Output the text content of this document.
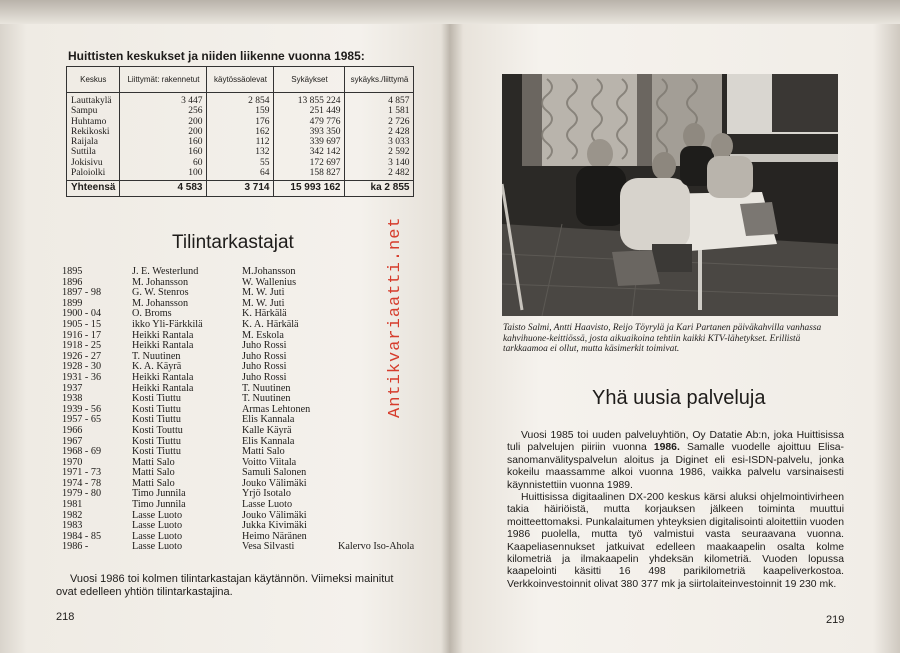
Huittisten keskukset ja niiden liikenne vuonna 1985:
Keskus	Liittymät: rakennetut	käytössäolevat	Sykäykset	sykäyks./liittymä
Lauttakylä	3 447	2 854	13 855 224	4 857
Sampu	256	159	251 449	1 581
Huhtamo	200	176	479 776	2 726
Rekikoski	200	162	393 350	2 428
Raijala	160	112	339 697	3 033
Suttila	160	132	342 142	2 592
Jokisivu	60	55	172 697	3 140
Paloiolki	100	64	158 827	2 482
Yhteensä	4 583	3 714	15 993 162	ka 2 855
Tilintarkastajat
1895	J. E. Westerlund	M.Johansson
1896	M. Johansson	W. Wallenius
1897 - 98	G. W. Stenros	M. W. Juti
1899	M. Johansson	M. W. Juti
1900 - 04	O. Broms	K. Härkälä
1905 - 15	ikko Yli-Färkkilä	K. A. Härkälä
1916 - 17	Heikki Rantala	M. Eskola
1918 - 25	Heikki Rantala	Juho Rossi
1926 - 27	T. Nuutinen	Juho Rossi
1928 - 30	K. A. Käyrä	Juho Rossi
1931 - 36	Heikki Rantala	Juho Rossi
1937	Heikki Rantala	T. Nuutinen
1938	Kosti Tiuttu	T. Nuutinen
1939 - 56	Kosti Tiuttu	Armas Lehtonen
1957 - 65	Kosti Tiuttu	Elis Kannala
1966	Kosti Touttu	Kalle Käyrä
1967	Kosti Tiuttu	Elis Kannala
1968 - 69	Kosti Tiuttu	Matti Salo
1970	Matti Salo	Voitto Viitala
1971 - 73	Matti Salo	Samuli Salonen
1974 - 78	Matti Salo	Jouko Välimäki
1979 - 80	Timo Junnila	Yrjö Isotalo
1981	Timo Junnila	Lasse Luoto
1982	Lasse Luoto	Jouko Välimäki
1983	Lasse Luoto	Jukka Kivimäki
1984 - 85	Lasse Luoto	Heimo Näränen
1986 -	Lasse Luoto	Vesa Silvasti	Kalervo Iso-Ahola
Vuosi 1986 toi kolmen tilintarkastajan käytännön. Viimeksi mainitut ovat edelleen yhtiön tilintarkastajina.
218
Antikvariaatti.net	Taisto Salmi, Antti Haavisto, Reijo Töyrylä ja Kari Partanen päiväkahvilla vanhassa kahvihuone-keittiössä, josta aikuaikoina tehtiin kaikki KTV-lähetykset. Erillistä tarkkaamoa ei ollut, mutta käsimerkit toimivat.
Yhä uusia palveluja

Vuosi 1985 toi uuden palveluyhtiön, Oy Datatie Ab:n, joka Huittisissa tuli palvelujen piiriin vuonna 1986. Samalle vuodelle ajoittuu Elisa-sanomanvälityspalvelun aloitus ja Diginet eli esi-ISDN-palvelu, jonka kokeilu maassamme alkoi vuonna 1986, vaikka palvelu varsinaisesti käynnistettiin vuonna 1989.

Huittisissa digitaalinen DX-200 keskus kärsi aluksi ohjelmointivirheen takia häiriöistä, mutta korjauksen jälkeen toiminta muuttui moitteettomaksi. Punkalaitumen yhteyksien digitalisointi aloitettiin vuoden 1986 puolella, mutta työ valmistui vasta seuraavana vuonna. Kaapeliasennukset jatkuivat edelleen maakaapelin osalta kolme kilometriä ja ilmakaapelin yhdeksän kilometriä. Vuoden lopussa kaapelointi käsitti 16 498 parikilometriä kaapeliverkostoa. Verkkoinvestoinnit olivat 380 377 mk ja siirtolaiteinvestoinnit 19 230 mk.

219
